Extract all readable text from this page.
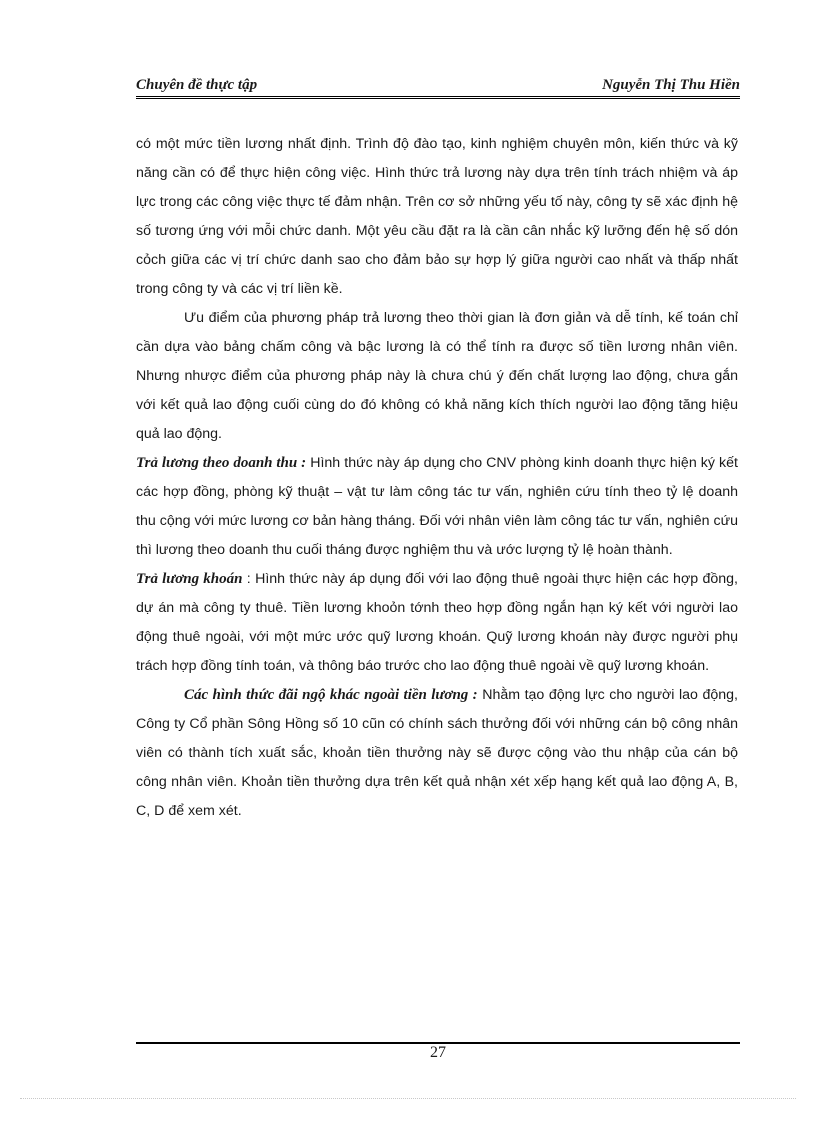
Chuyên đề thực tập	Nguyễn Thị Thu Hiền

có một mức tiền lương nhất định. Trình độ đào tạo, kinh nghiệm chuyên môn, kiến thức và kỹ năng cần có để thực hiện công việc. Hình thức trả lương này dựa trên tính trách nhiệm và áp lực trong các công việc thực tế đảm nhận. Trên cơ sở những yếu tố này, công ty sẽ xác định hệ số tương ứng với mỗi chức danh. Một yêu cầu đặt ra là cần cân nhắc kỹ lưỡng đến hệ số dón cỏch giữa các vị trí chức danh sao cho đảm bảo sự hợp lý giữa người cao nhất và thấp nhất trong công ty và các vị trí liền kề.

Ưu điểm của phương pháp trả lương theo thời gian là đơn giản và dễ tính, kế toán chỉ cần dựa vào bảng chấm công và bậc lương là có thể tính ra được số tiền lương nhân viên. Nhưng nhược điểm của phương pháp này là chưa chú ý đến chất lượng lao động, chưa gắn với kết quả lao động cuối cùng do đó không có khả năng kích thích người lao động tăng hiệu quả lao động.

Trả lương theo doanh thu : Hình thức này áp dụng cho CNV phòng kinh doanh thực hiện ký kết các hợp đồng, phòng kỹ thuật – vật tư làm công tác tư vấn, nghiên cứu tính theo tỷ lệ doanh thu cộng với mức lương cơ bản hàng tháng. Đối với nhân viên làm công tác tư vấn, nghiên cứu thì lương theo doanh thu cuối tháng được nghiệm thu và ước lượng tỷ lệ hoàn thành.

Trả lương khoán : Hình thức này áp dụng đối với lao động thuê ngoài thực hiện các hợp đồng, dự án mà công ty thuê. Tiền lương khoỏn tớnh theo hợp đồng ngắn hạn ký kết với người lao động thuê ngoài, với một mức ước quỹ lương khoán. Quỹ lương khoán này được người phụ trách hợp đồng tính toán, và thông báo trước cho lao động thuê ngoài về quỹ lương khoán.

Các hình thức đãi ngộ khác ngoài tiền lương : Nhằm tạo động lực cho người lao động, Công ty Cổ phần Sông Hồng số 10 cũn có chính sách thưởng đối với những cán bộ công nhân viên có thành tích xuất sắc, khoản tiền thưởng này sẽ được cộng vào thu nhập của cán bộ công nhân viên. Khoản tiền thưởng dựa trên kết quả nhận xét xếp hạng kết quả lao động A, B, C, D để xem xét.

27
